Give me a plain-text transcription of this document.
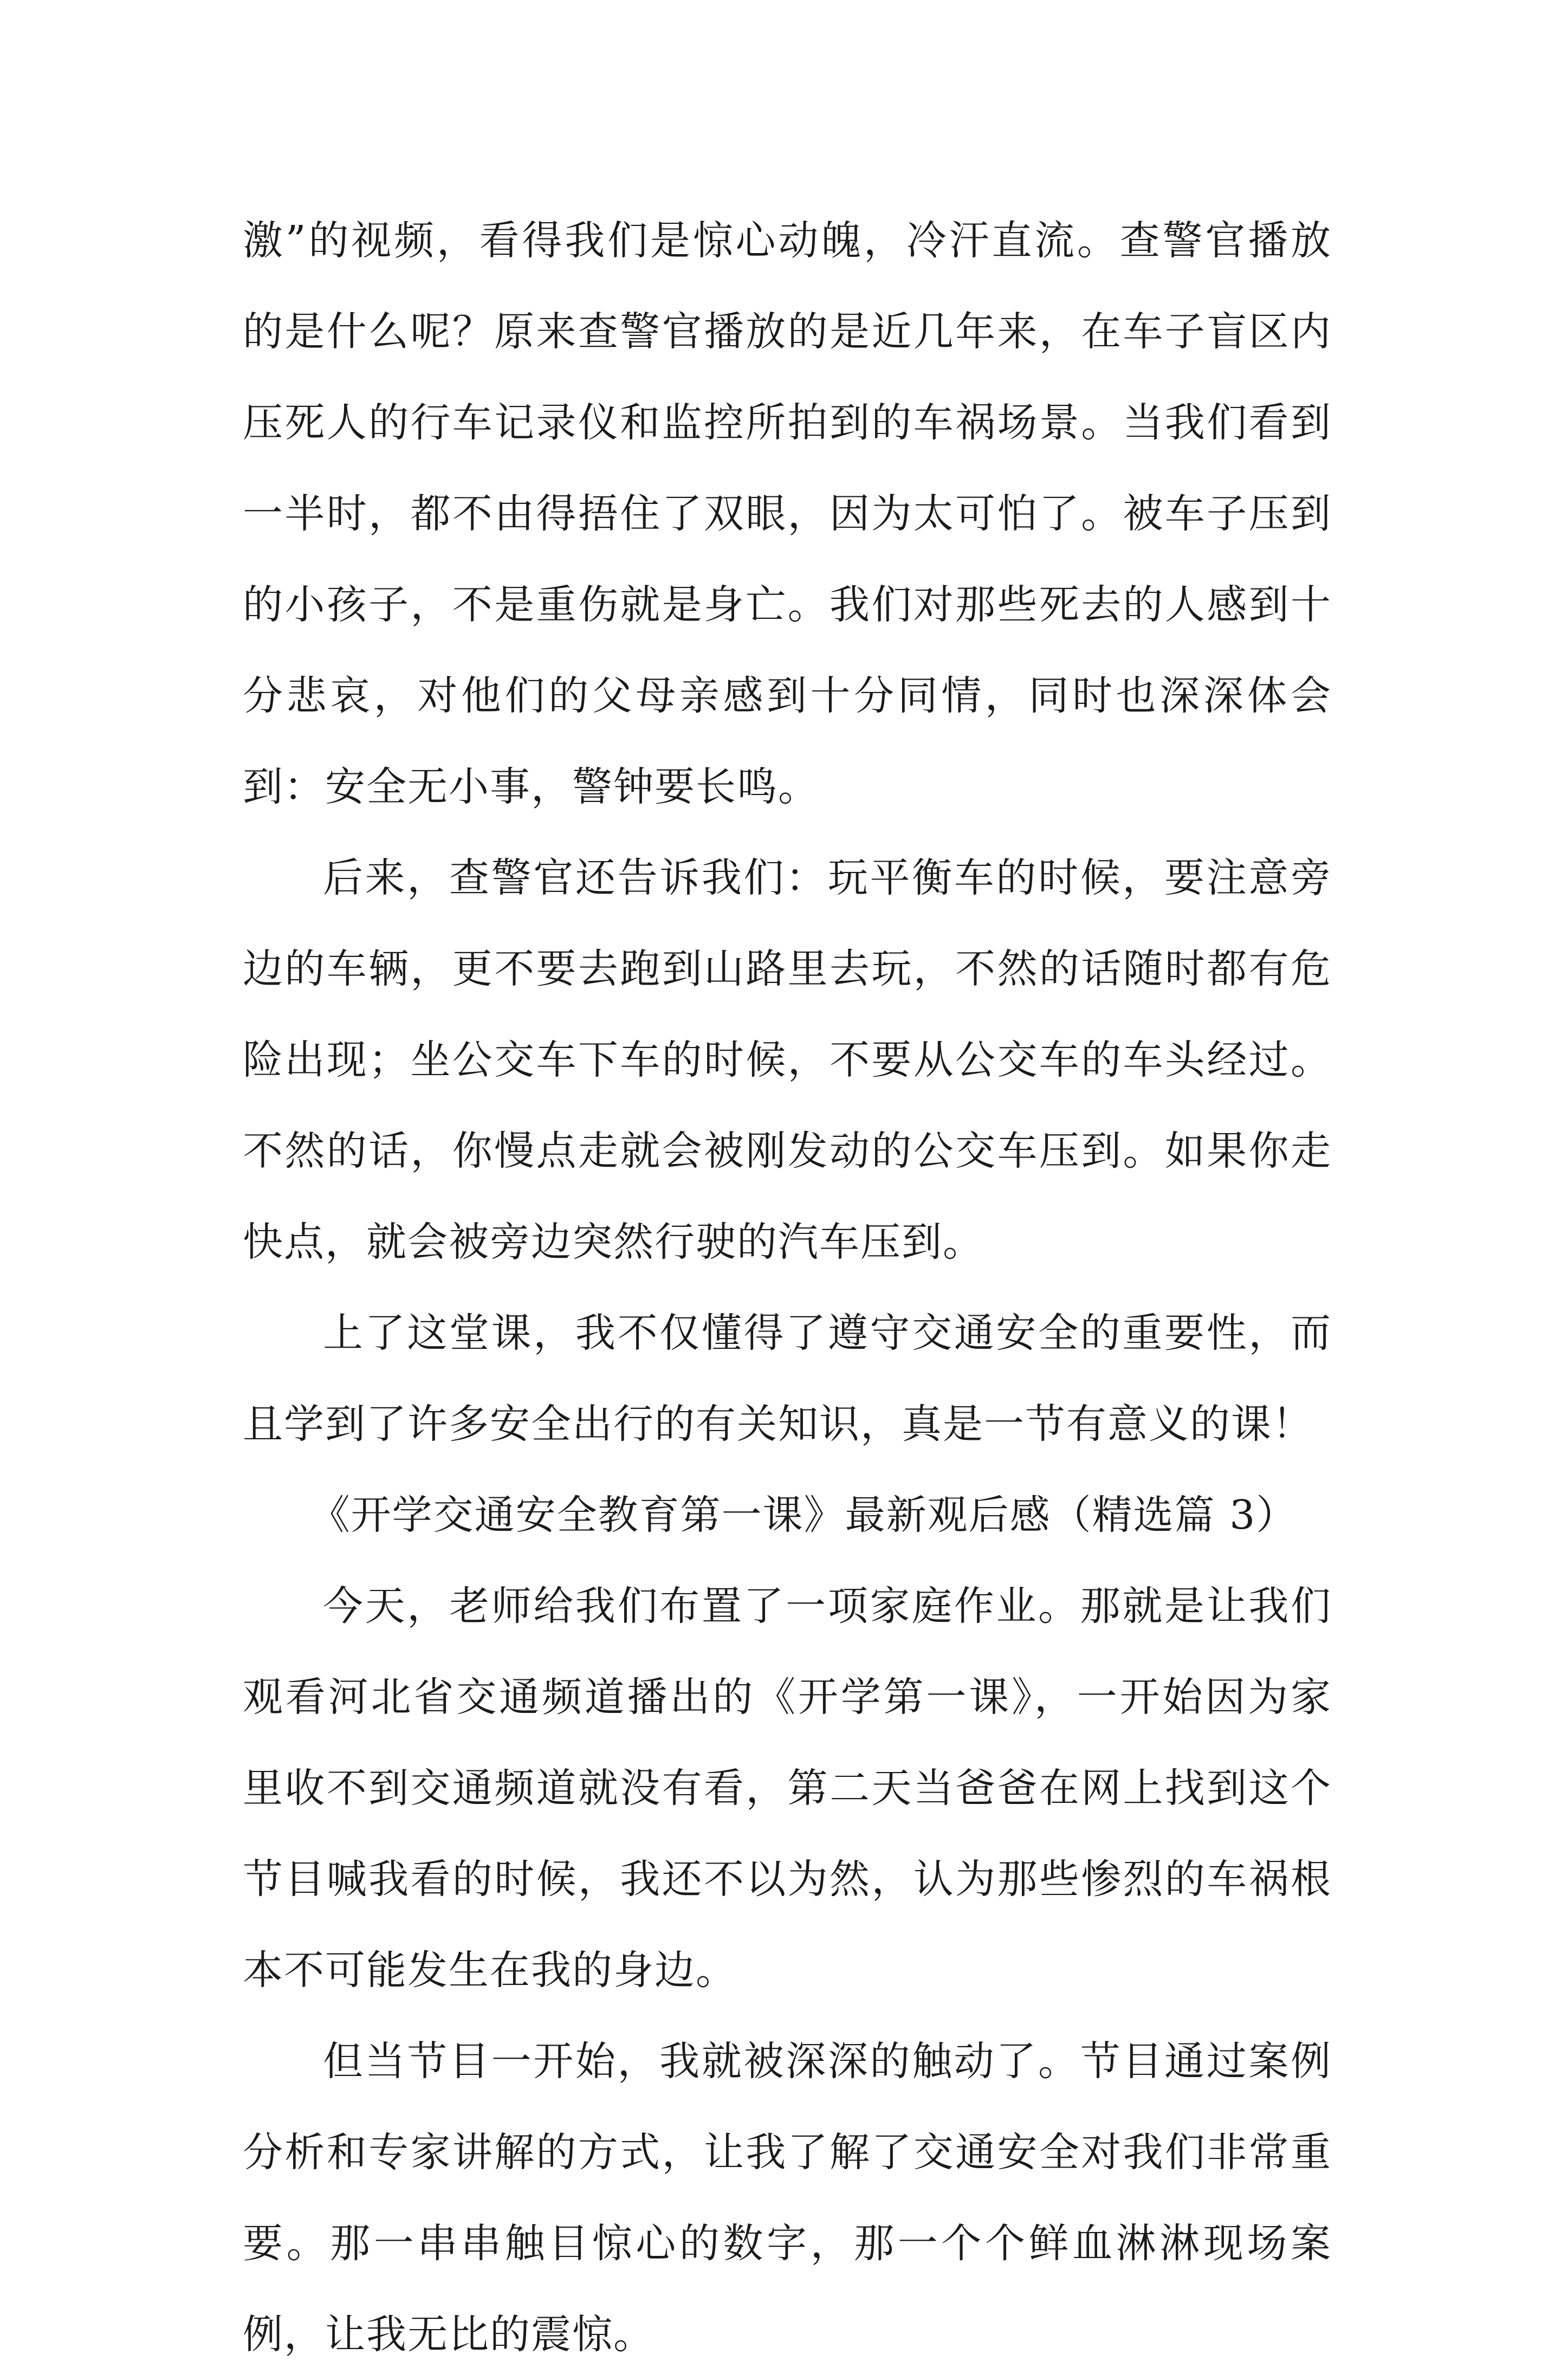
激”的视频，看得我们是惊心动魄，冷汗直流。查警官播放的是什么呢？原来查警官播放的是近几年来，在车子盲区内压死人的行车记录仪和监控所拍到的车祸场景。当我们看到一半时，都不由得捂住了双眼，因为太可怕了。被车子压到的小孩子，不是重伤就是身亡。我们对那些死去的人感到十分悲哀，对他们的父母亲感到十分同情，同时也深深体会到：安全无小事，警钟要长鸣。

后来，查警官还告诉我们：玩平衡车的时候，要注意旁边的车辆，更不要去跑到山路里去玩，不然的话随时都有危险出现；坐公交车下车的时候，不要从公交车的车头经过。不然的话，你慢点走就会被刚发动的公交车压到。如果你走快点，就会被旁边突然行驶的汽车压到。

上了这堂课，我不仅懂得了遵守交通安全的重要性，而且学到了许多安全出行的有关知识，真是一节有意义的课！

《开学交通安全教育第一课》最新观后感（精选篇 3）

今天，老师给我们布置了一项家庭作业。那就是让我们观看河北省交通频道播出的《开学第一课》，一开始因为家里收不到交通频道就没有看，第二天当爸爸在网上找到这个节目喊我看的时候，我还不以为然，认为那些惨烈的车祸根本不可能发生在我的身边。

但当节目一开始，我就被深深的触动了。节目通过案例分析和专家讲解的方式，让我了解了交通安全对我们非常重要。那一串串触目惊心的数字，那一个个鲜血淋淋现场案例，让我无比的震惊。
